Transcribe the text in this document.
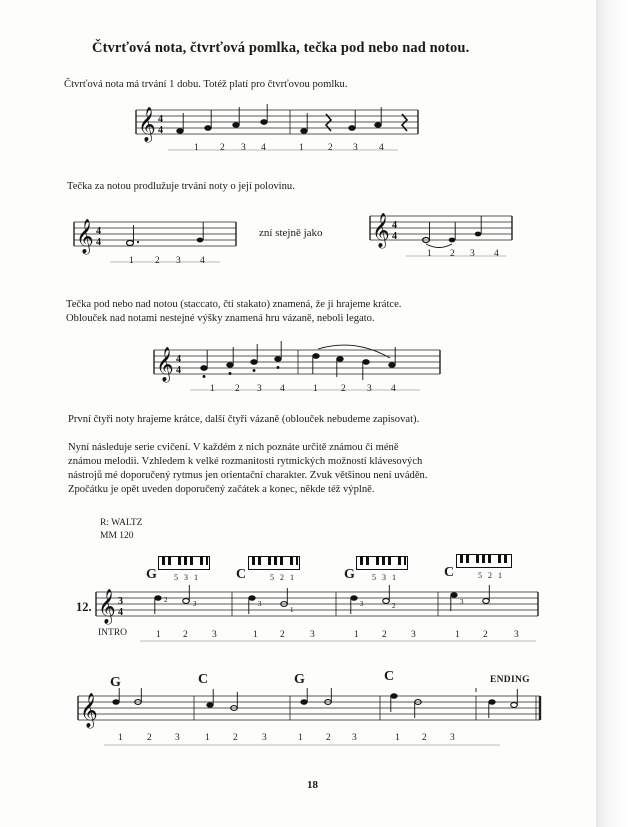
Čtvrťová nota, čtvrťová pomlka, tečka pod nebo nad notou.
Čtvrťová nota má trvání 1 dobu. Totéž platí pro čtvrťovou pomlku.
𝄞 4
4
1 2 3 4	1	2 3 4
Tečka za notou prodlužuje trvání noty o její polovinu.
𝄞 4
4
1 2 3 4
zní stejně jako 𝄞 4
4
1 2 3 4
Tečka pod nebo nad notou (staccato, čti stakato) znamená, že ji hrajeme krátce.
Oblouček nad notami nestejné výšky znamená hru vázaně, neboli legato.
𝄞 4
4
1 2 3 4	1 2 3 4
První čtyři noty hrajeme krátce, další čtyři vázaně (oblouček nebudeme zapisovat).
Nyní následuje serie cvičení. V každém z nich poznáte určitě známou či méně
známou melodii. Vzhledem k velké rozmanitosti rytmických možností klávesových
nástrojů mé doporučený rytmus jen orientační charakter. Zvuk většinou není uváděn.
Zpočátku je opět uveden doporučený začátek a konec, někde též výplně.
R: WALTZ
MM 120
G 5 3 1	C	5 2 1	G 5 3 1	C	5 2 1
12. 𝄞 3
4
2	3	3
1
3	2	3
INTRO	1 2	3	1 2	3	1 2	3	1 2	3
G	C	G	C	ENDING
𝄞
1	2 3	1 2	3	1 2 3	1 2 3
18
